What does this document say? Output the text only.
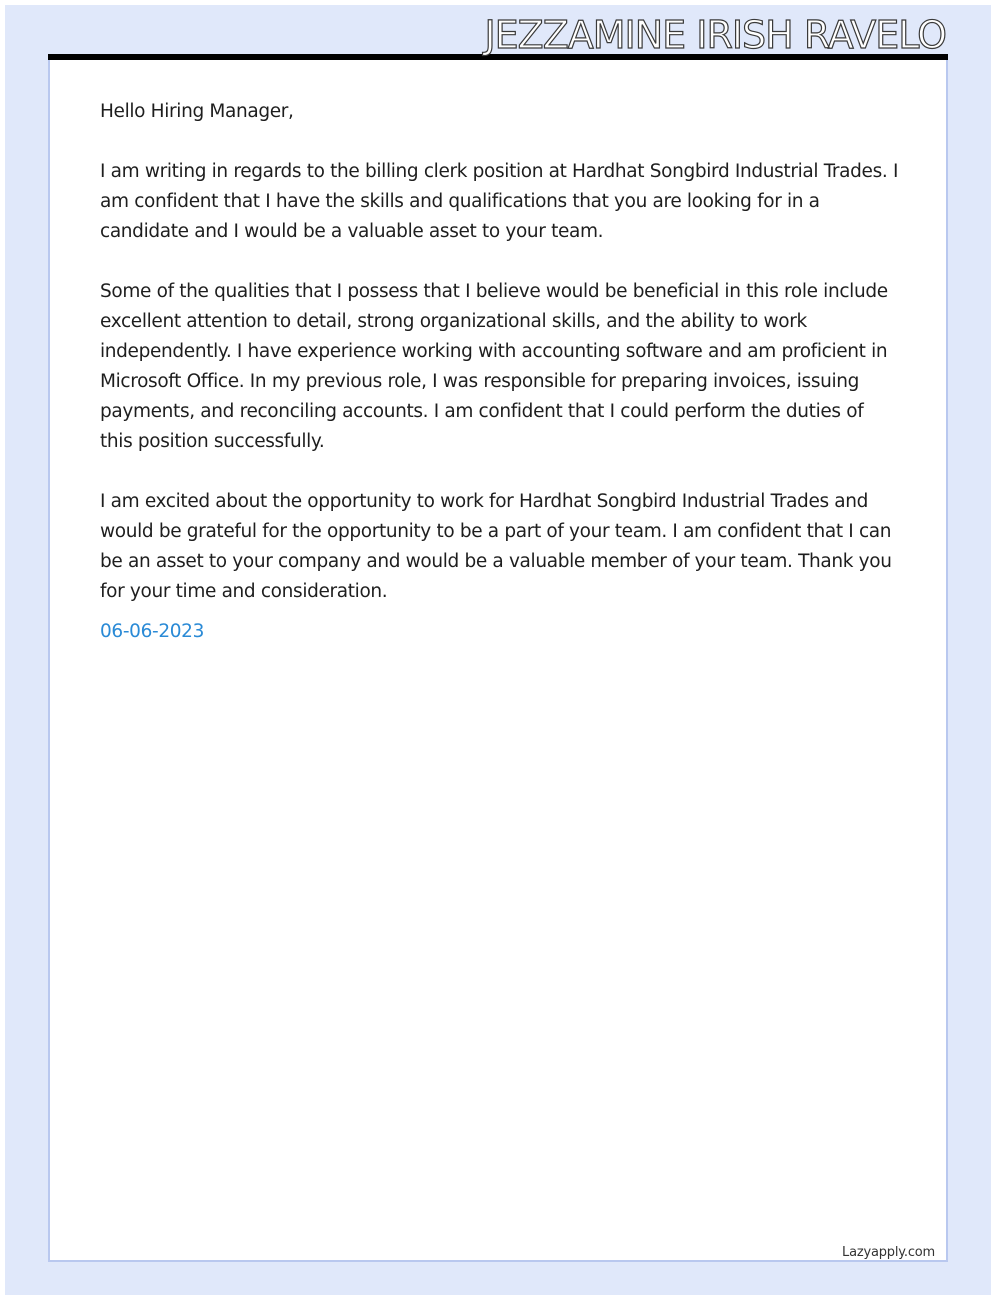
JEZZAMINE IRISH RAVELO

Hello Hiring Manager,

I am writing in regards to the billing clerk position at Hardhat Songbird Industrial Trades. I am confident that I have the skills and qualifications that you are looking for in a candidate and I would be a valuable asset to your team.

Some of the qualities that I possess that I believe would be beneficial in this role include excellent attention to detail, strong organizational skills, and the ability to work independently. I have experience working with accounting software and am proficient in Microsoft Office. In my previous role, I was responsible for preparing invoices, issuing payments, and reconciling accounts. I am confident that I could perform the duties of this position successfully.

I am excited about the opportunity to work for Hardhat Songbird Industrial Trades and would be grateful for the opportunity to be a part of your team. I am confident that I can be an asset to your company and would be a valuable member of your team. Thank you for your time and consideration.

06-06-2023

Lazyapply.com
